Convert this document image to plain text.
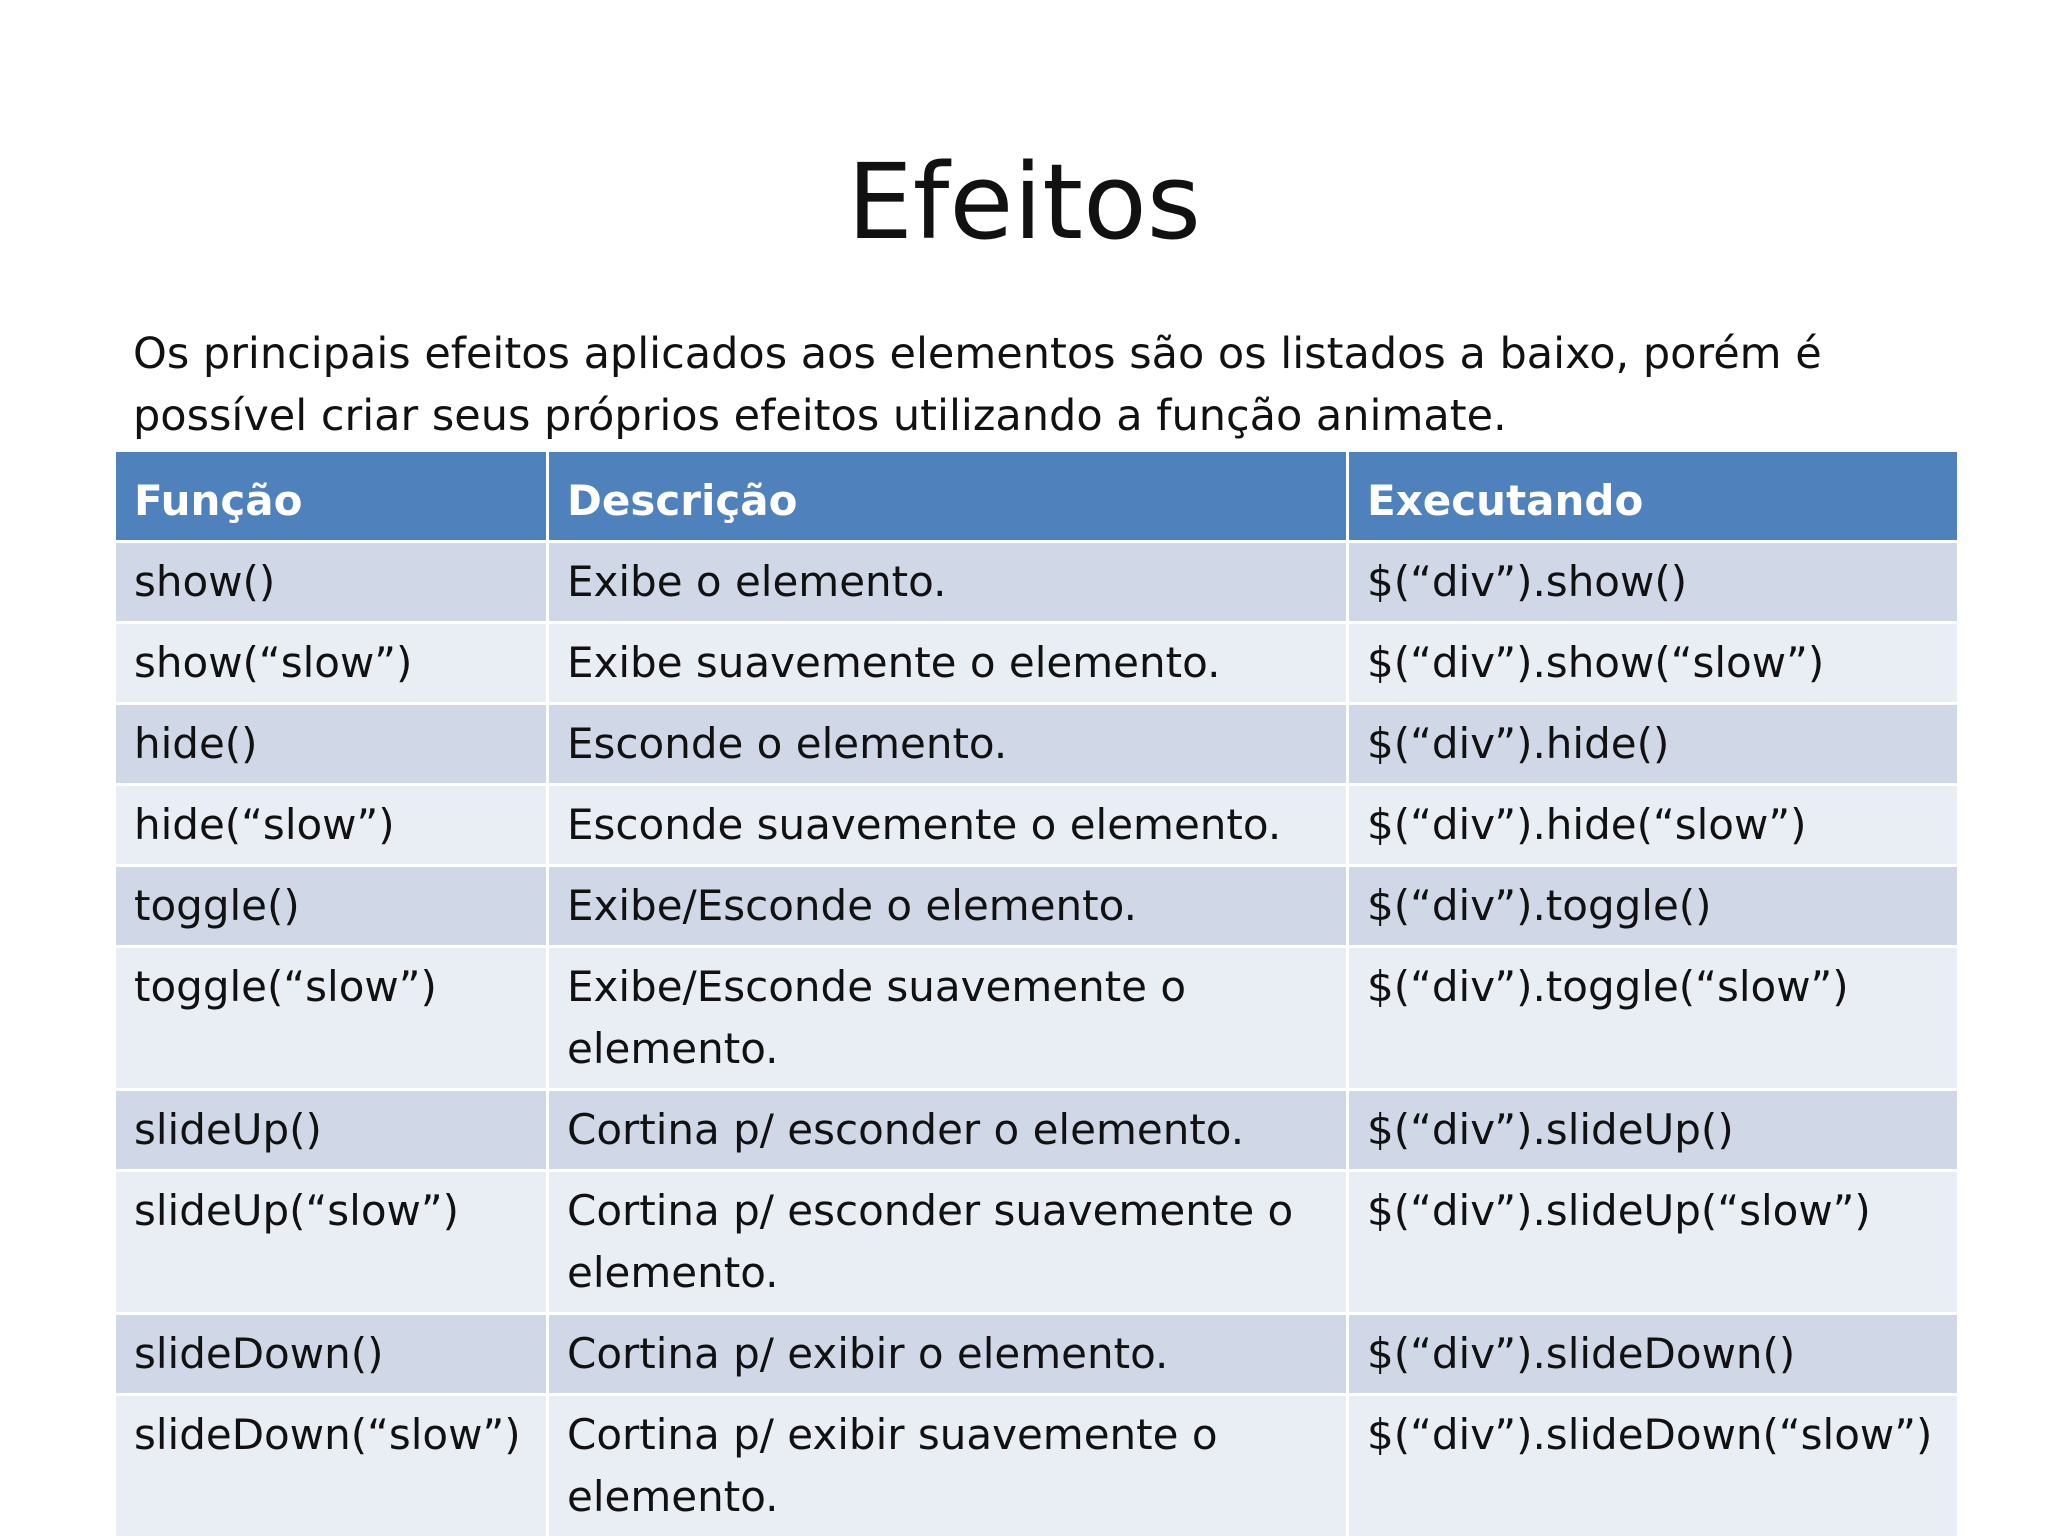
Efeitos
Os principais efeitos aplicados aos elementos são os listados a baixo, porém é possível criar seus próprios efeitos utilizando a função animate.
Função	Descrição	Executando
show()	Exibe o elemento.	$(“div”).show()
show(“slow”)	Exibe suavemente o elemento.	$(“div”).show(“slow”)
hide()	Esconde o elemento.	$(“div”).hide()
hide(“slow”)	Esconde suavemente o elemento.	$(“div”).hide(“slow”)
toggle()	Exibe/Esconde o elemento.	$(“div”).toggle()
toggle(“slow”)	Exibe/Esconde suavemente o elemento.	$(“div”).toggle(“slow”)
slideUp()	Cortina p/ esconder o elemento.	$(“div”).slideUp()
slideUp(“slow”)	Cortina p/ esconder suavemente o elemento.	$(“div”).slideUp(“slow”)
slideDown()	Cortina p/ exibir o elemento.	$(“div”).slideDown()
slideDown(“slow”)	Cortina p/ exibir suavemente o elemento.	$(“div”).slideDown(“slow”)
